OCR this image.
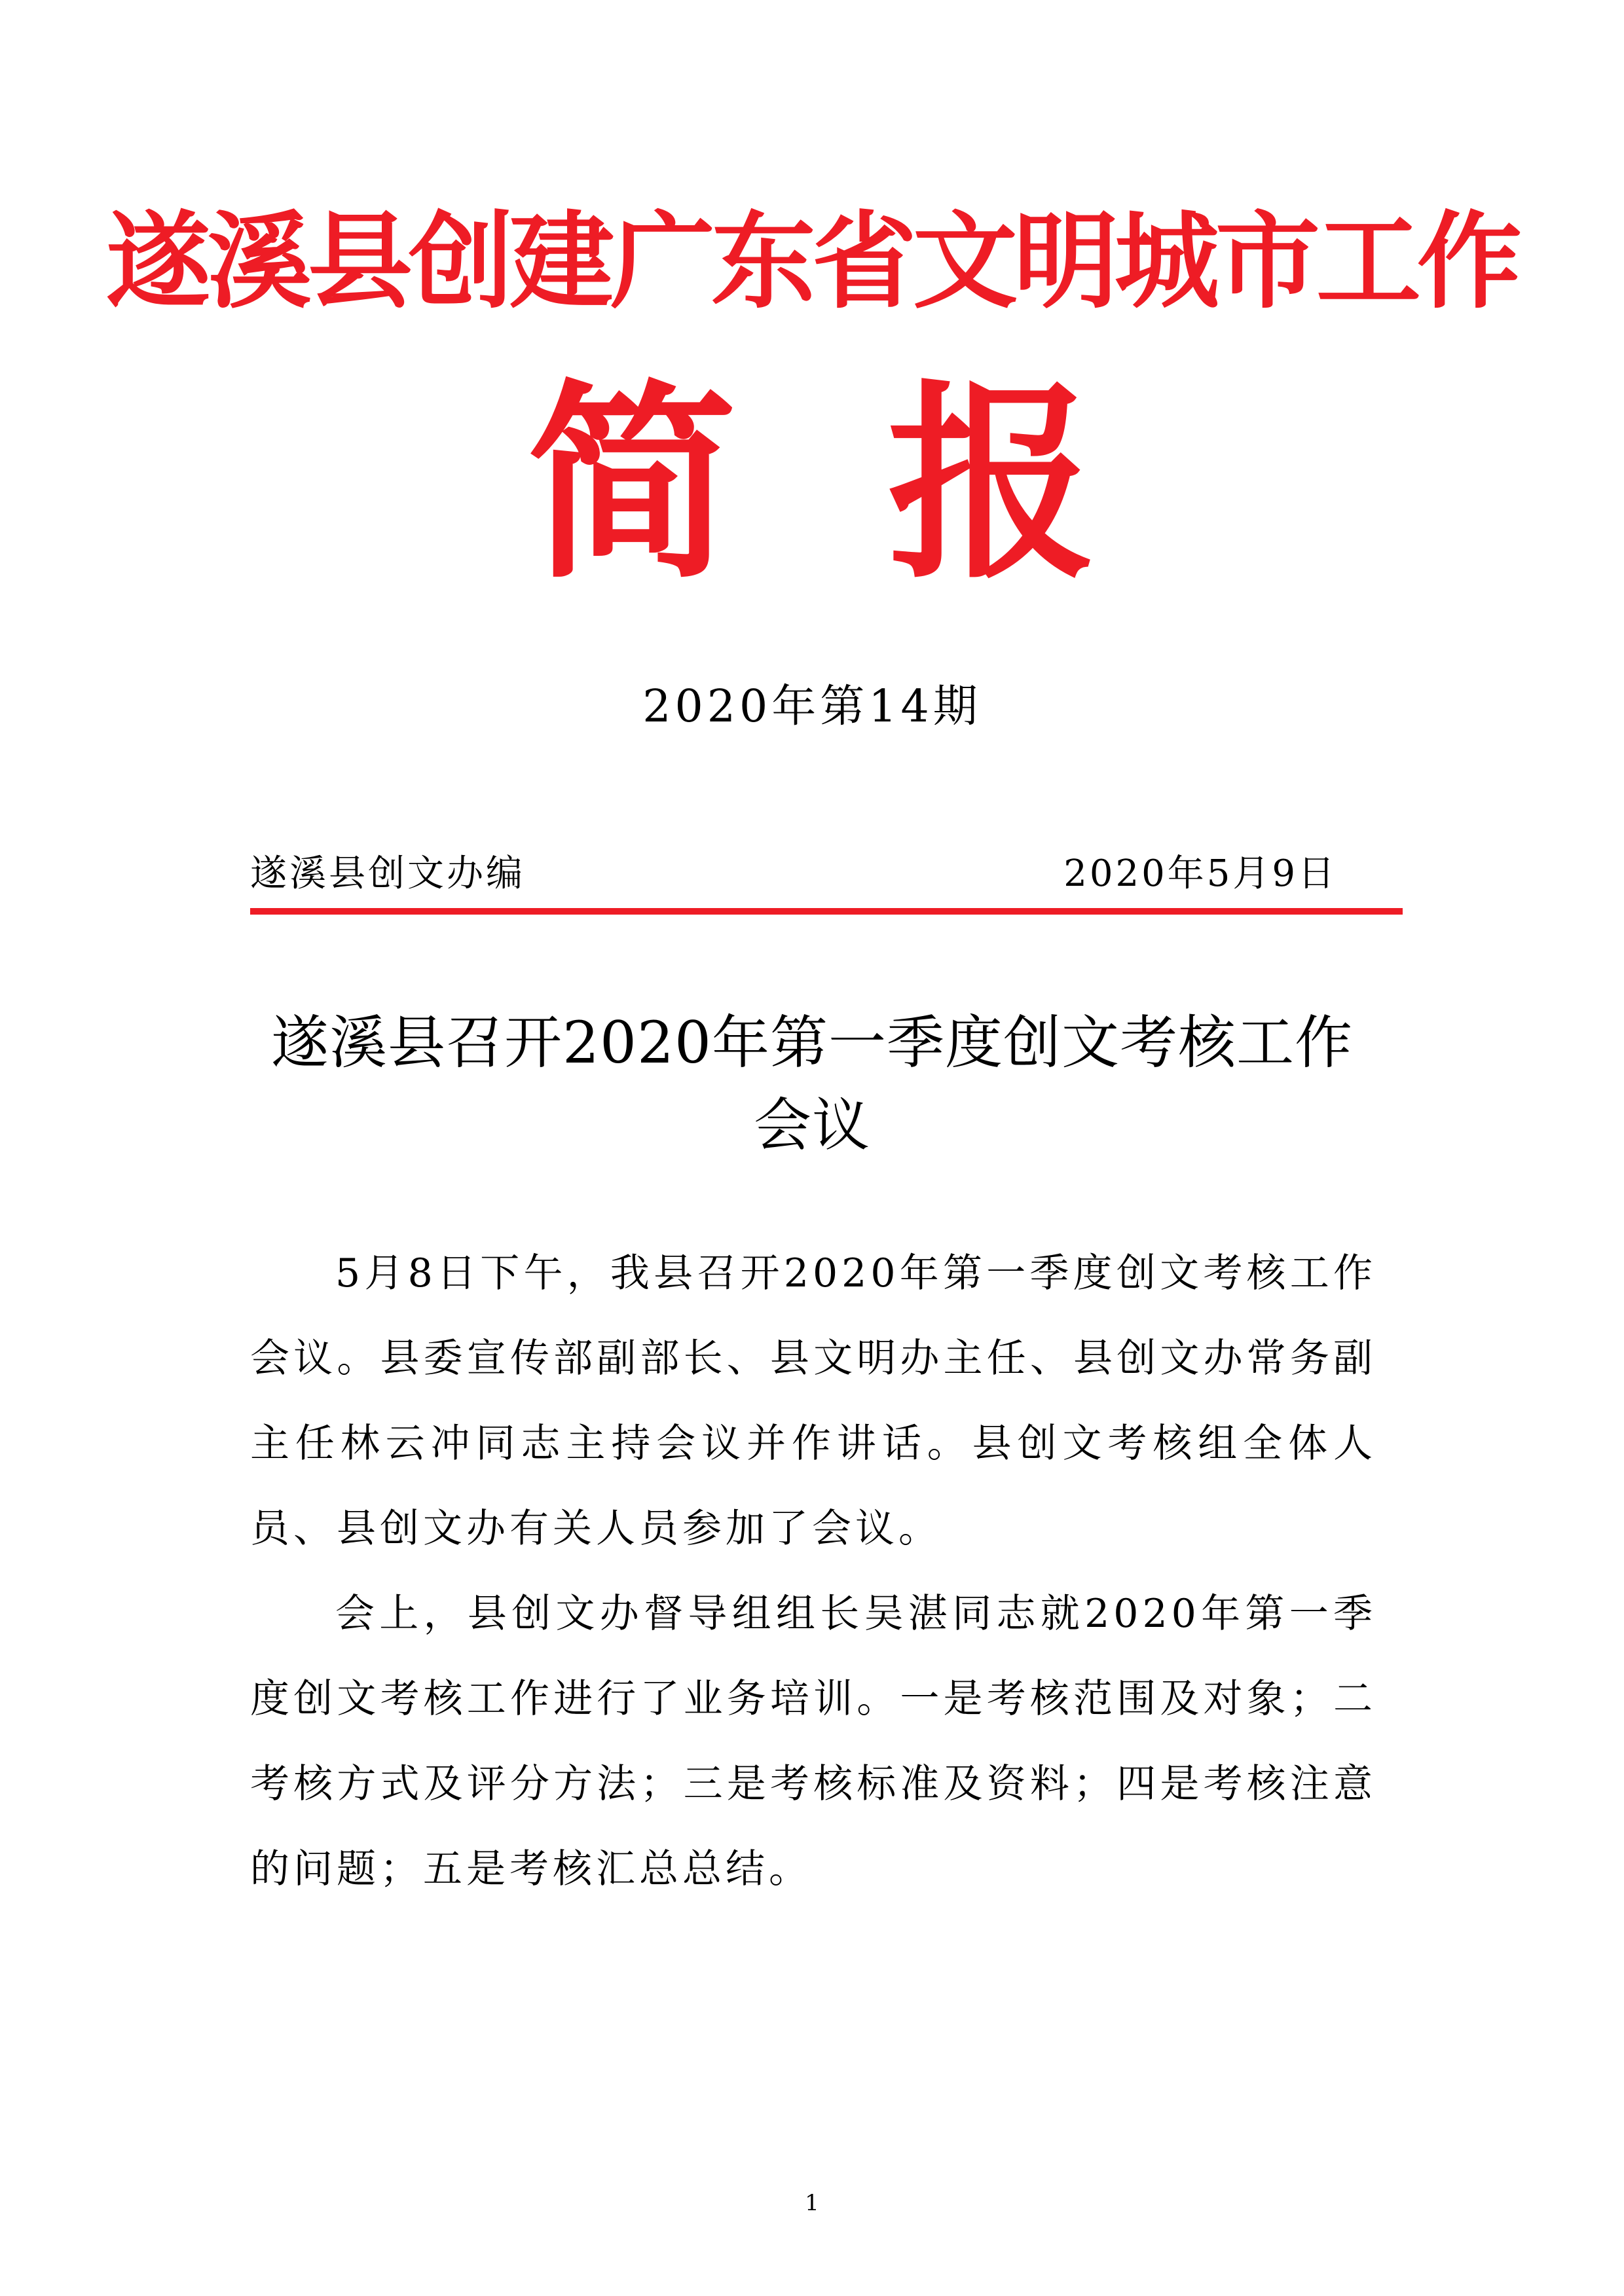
遂溪县创建广东省文明城市工作
简报
2020年第14期
遂溪县创文办编	2020年5月9日
遂溪县召开2020年第一季度创文考核工作
会议

5月8日下午，我县召开2020年第一季度创文考核工作会议。县委宣传部副部长、县文明办主任、县创文办常务副主任林云冲同志主持会议并作讲话。县创文考核组全体人员、县创文办有关人员参加了会议。

会上，县创文办督导组组长吴湛同志就2020年第一季度创文考核工作进行了业务培训。一是考核范围及对象；二考核方式及评分方法；三是考核标准及资料；四是考核注意的问题；五是考核汇总总结。

1
